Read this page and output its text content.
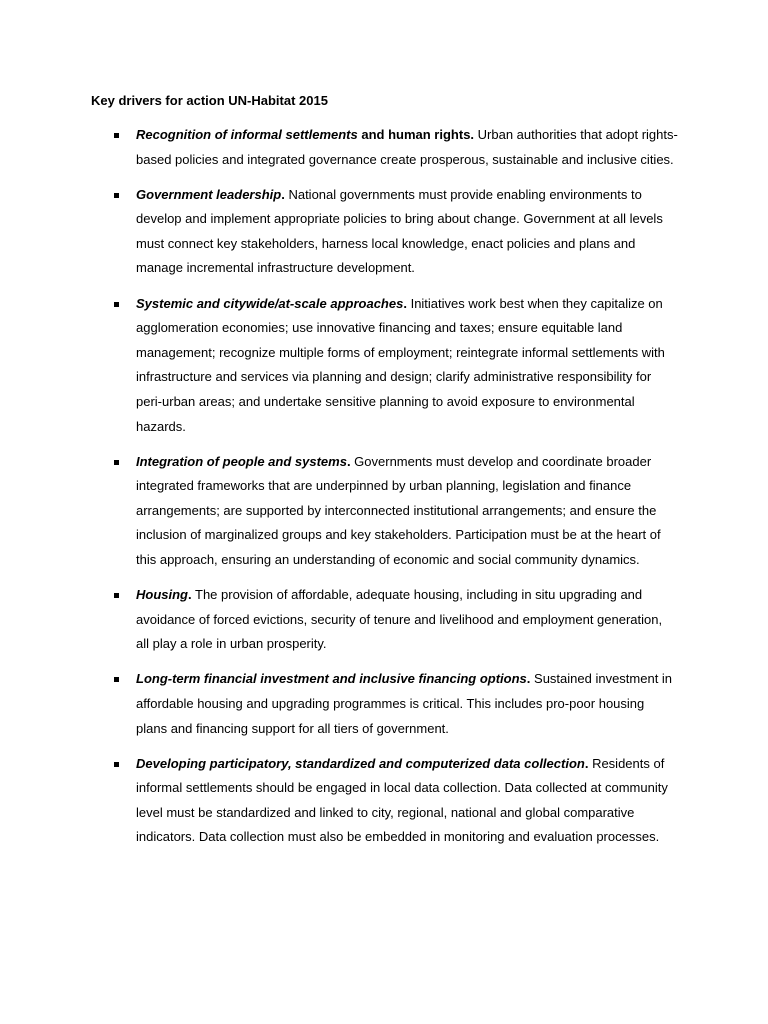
Key drivers for action UN-Habitat 2015

Recognition of informal settlements and human rights. Urban authorities that adopt rights-based policies and integrated governance create prosperous, sustainable and inclusive cities.
Government leadership. National governments must provide enabling environments to develop and implement appropriate policies to bring about change. Government at all levels must connect key stakeholders, harness local knowledge, enact policies and plans and manage incremental infrastructure development.
Systemic and citywide/at-scale approaches. Initiatives work best when they capitalize on agglomeration economies; use innovative financing and taxes; ensure equitable land management; recognize multiple forms of employment; reintegrate informal settlements with infrastructure and services via planning and design; clarify administrative responsibility for peri-urban areas; and undertake sensitive planning to avoid exposure to environmental hazards.
Integration of people and systems. Governments must develop and coordinate broader integrated frameworks that are underpinned by urban planning, legislation and finance arrangements; are supported by interconnected institutional arrangements; and ensure the inclusion of marginalized groups and key stakeholders. Participation must be at the heart of this approach, ensuring an understanding of economic and social community dynamics.
Housing. The provision of affordable, adequate housing, including in situ upgrading and avoidance of forced evictions, security of tenure and livelihood and employment generation, all play a role in urban prosperity.
Long-term financial investment and inclusive financing options. Sustained investment in affordable housing and upgrading programmes is critical. This includes pro-poor housing plans and financing support for all tiers of government.
Developing participatory, standardized and computerized data collection. Residents of informal settlements should be engaged in local data collection. Data collected at community level must be standardized and linked to city, regional, national and global comparative indicators. Data collection must also be embedded in monitoring and evaluation processes.
